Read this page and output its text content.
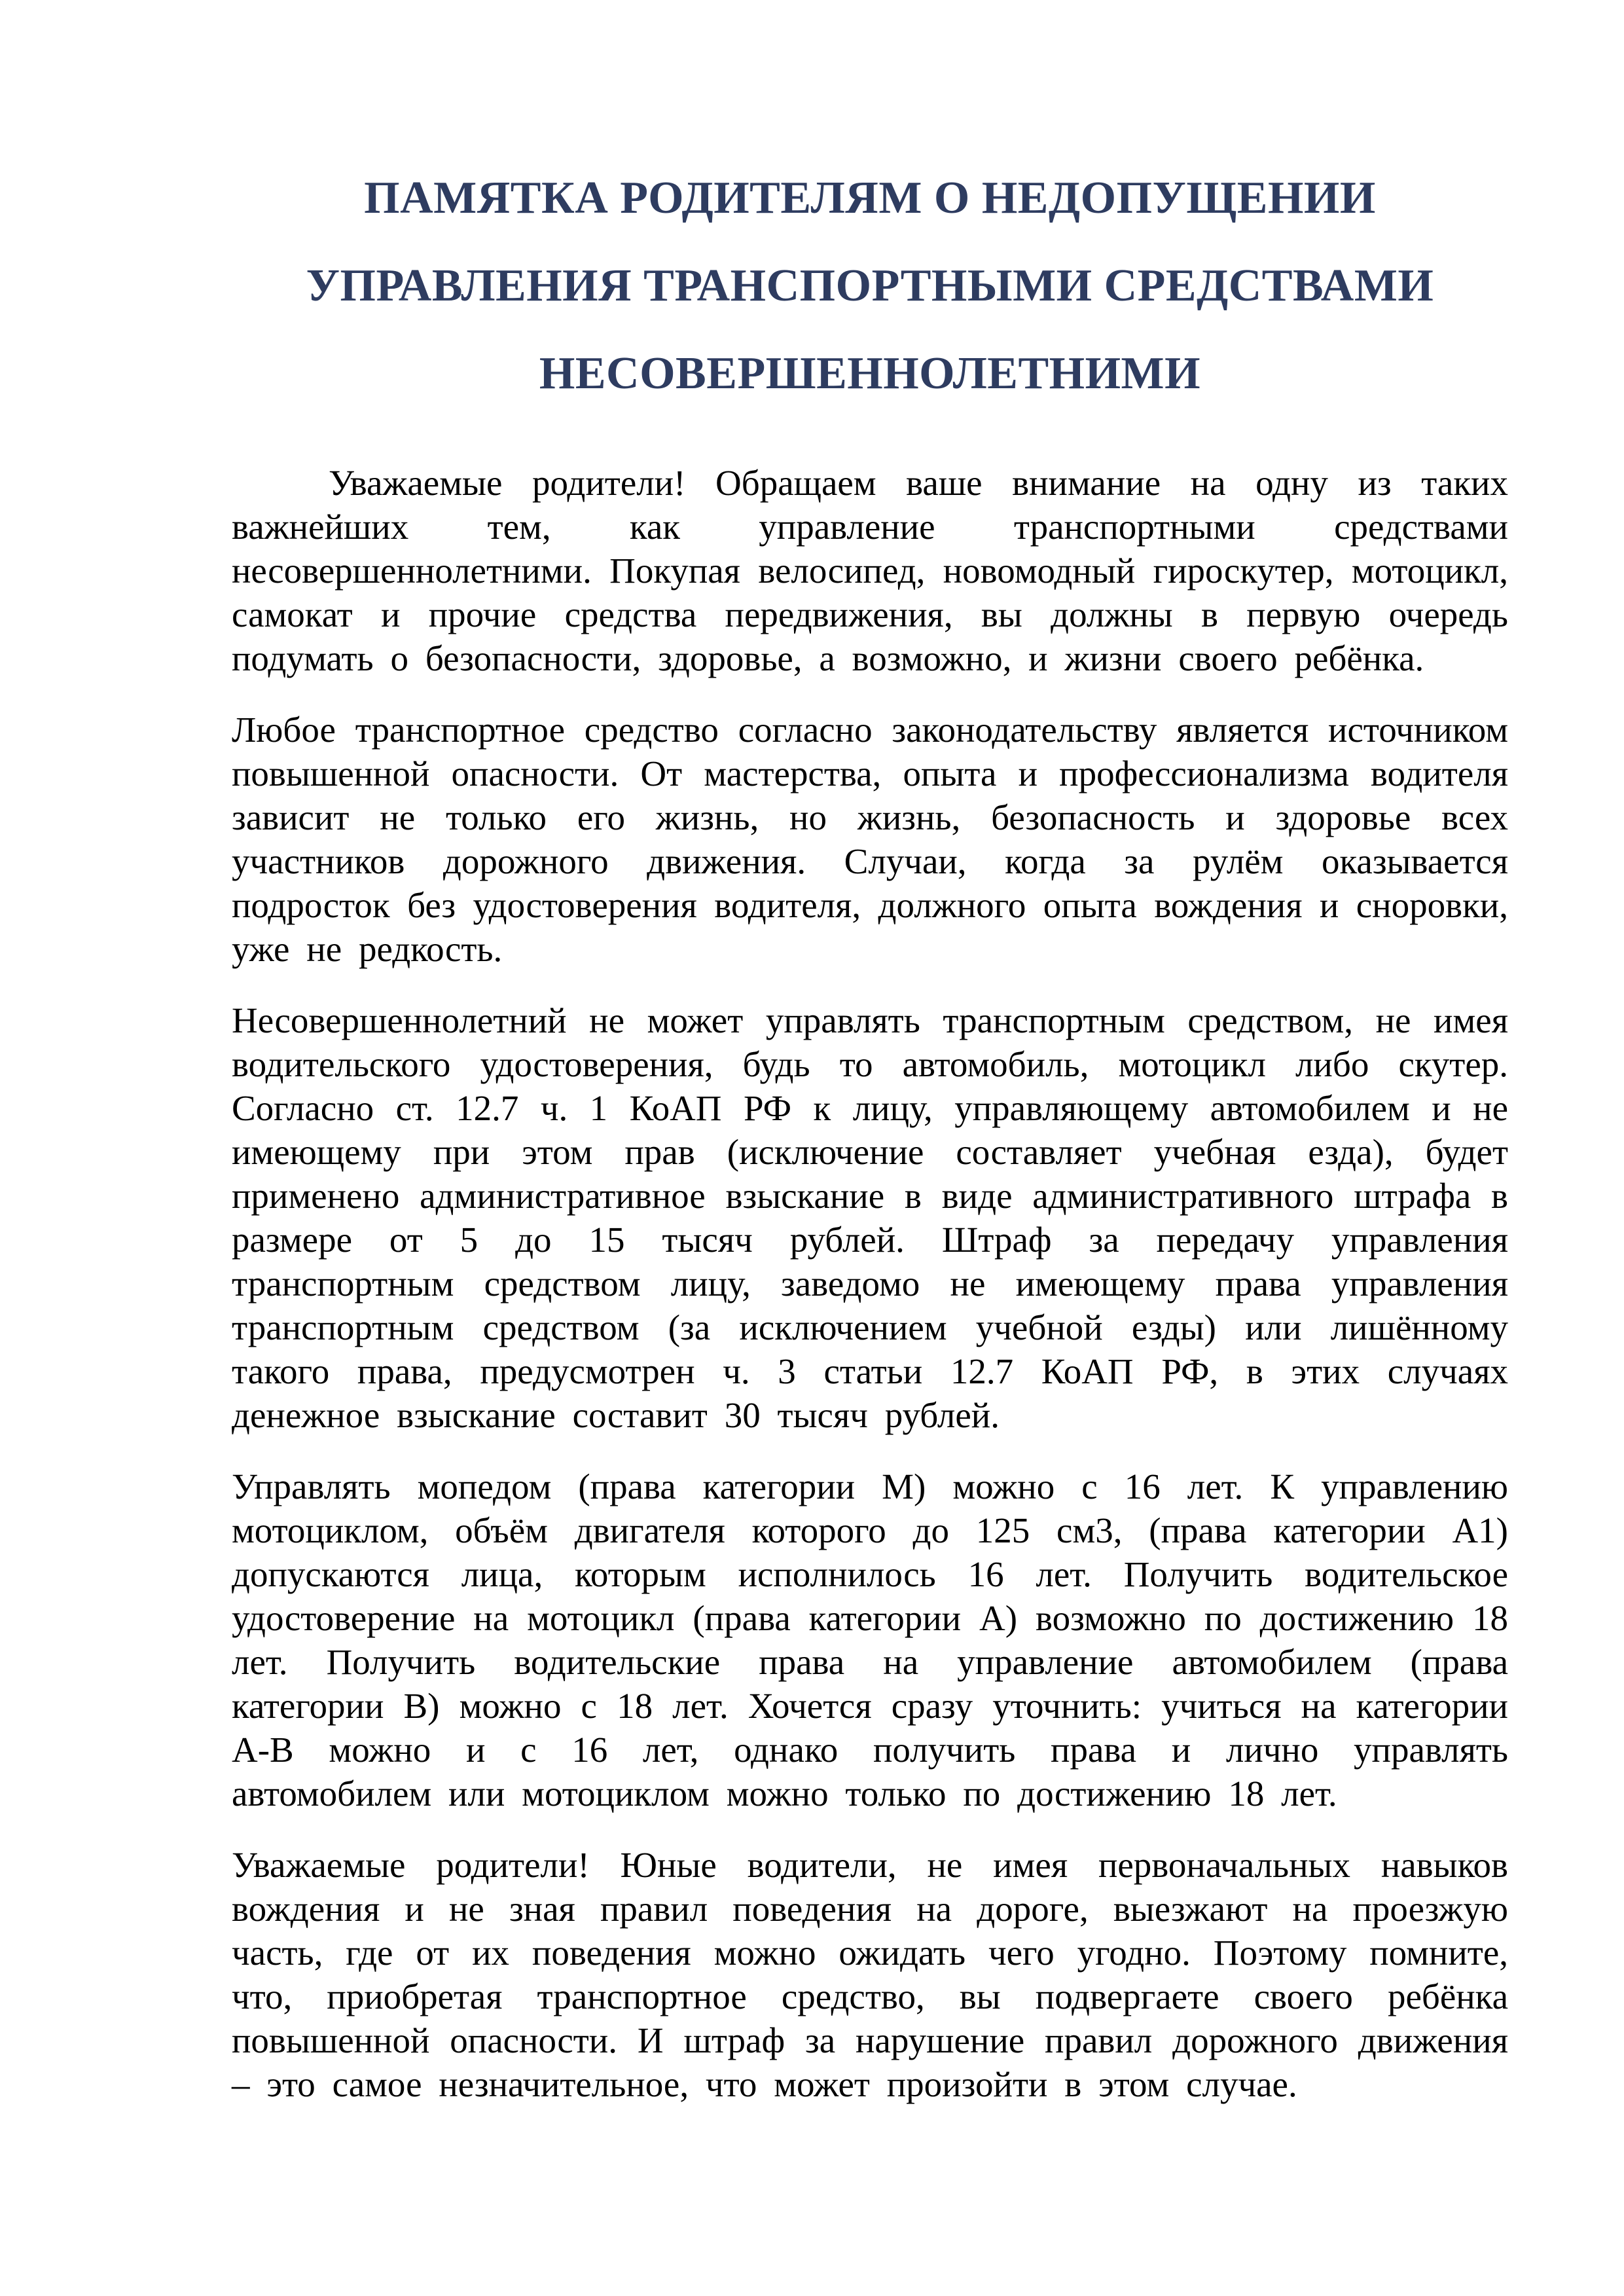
ПАМЯТКА РОДИТЕЛЯМ О НЕДОПУЩЕНИИ УПРАВЛЕНИЯ ТРАНСПОРТНЫМИ СРЕДСТВАМИ НЕСОВЕРШЕННОЛЕТНИМИ

Уважаемые родители! Обращаем ваше внимание на одну из таких важнейших тем, как управление транспортными средствами несовершеннолетними. Покупая велосипед, новомодный гироскутер, мотоцикл, самокат и прочие средства передвижения, вы должны в первую очередь подумать о безопасности, здоровье, а возможно, и жизни своего ребёнка.

Любое транспортное средство согласно законодательству является источником повышенной опасности. От мастерства, опыта и профессионализма водителя зависит не только его жизнь, но жизнь, безопасность и здоровье всех участников дорожного движения. Случаи, когда за рулём оказывается подросток без удостоверения водителя, должного опыта вождения и сноровки, уже не редкость.

Несовершеннолетний не может управлять транспортным средством, не имея водительского удостоверения, будь то автомобиль, мотоцикл либо скутер. Согласно ст. 12.7 ч. 1 КоАП РФ к лицу, управляющему автомобилем и не имеющему при этом прав (исключение составляет учебная езда), будет применено административное взыскание в виде административного штрафа в размере от 5 до 15 тысяч рублей. Штраф за передачу управления транспортным средством лицу, заведомо не имеющему права управления транспортным средством (за исключением учебной езды) или лишённому такого права, предусмотрен ч. 3 статьи 12.7 КоАП РФ, в этих случаях денежное взыскание составит 30 тысяч рублей.

Управлять мопедом (права категории М) можно с 16 лет. К управлению мотоциклом, объём двигателя которого до 125 см3, (права категории А1) допускаются лица, которым исполнилось 16 лет. Получить водительское удостоверение на мотоцикл (права категории А) возможно по достижению 18 лет. Получить водительские права на управление автомобилем (права категории В) можно с 18 лет. Хочется сразу уточнить: учиться на категории А-В можно и с 16 лет, однако получить права и лично управлять автомобилем или мотоциклом можно только по достижению 18 лет.

Уважаемые родители! Юные водители, не имея первоначальных навыков вождения и не зная правил поведения на дороге, выезжают на проезжую часть, где от их поведения можно ожидать чего угодно. Поэтому помните, что, приобретая транспортное средство, вы подвергаете своего ребёнка повышенной опасности. И штраф за нарушение правил дорожного движения – это самое незначительное, что может произойти в этом случае.
